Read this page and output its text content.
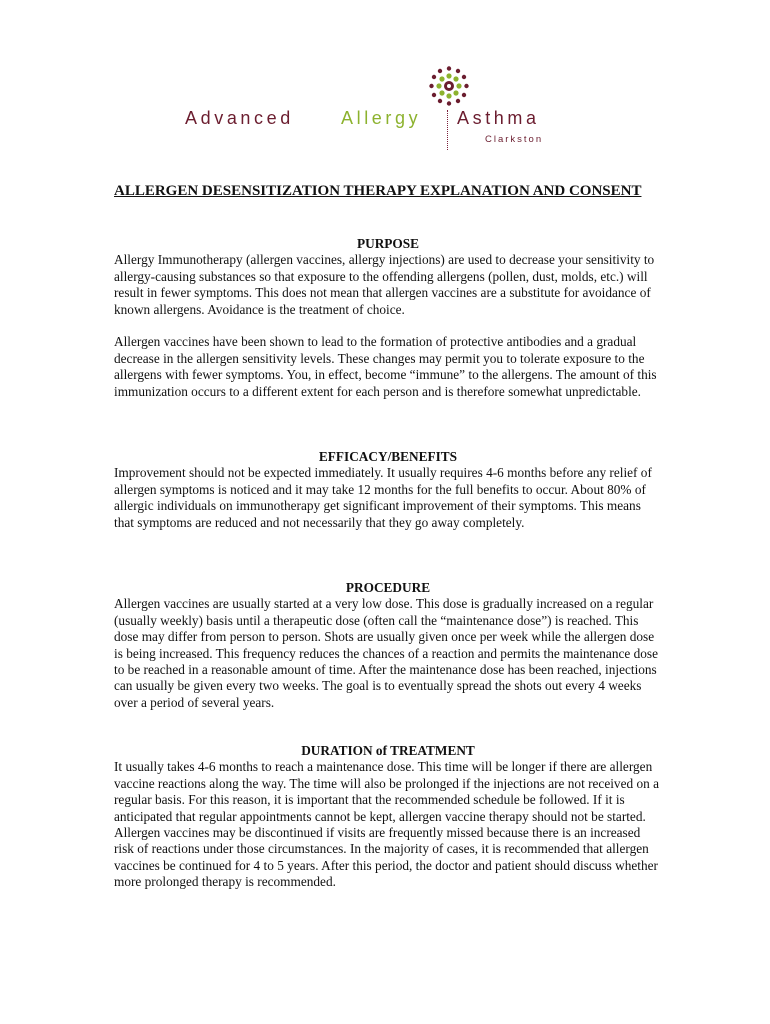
Advanced	Allergy Asthma
Clarkston
ALLERGEN DESENSITIZATION THERAPY EXPLANATION AND CONSENT
PURPOSE

Allergy Immunotherapy (allergen vaccines, allergy injections) are used to decrease your sensitivity to allergy-causing substances so that exposure to the offending allergens (pollen, dust, molds, etc.) will result in fewer symptoms. This does not mean that allergen vaccines are a substitute for avoidance of known allergens. Avoidance is the treatment of choice.

Allergen vaccines have been shown to lead to the formation of protective antibodies and a gradual decrease in the allergen sensitivity levels. These changes may permit you to tolerate exposure to the allergens with fewer symptoms. You, in effect, become “immune” to the allergens. The amount of this immunization occurs to a different extent for each person and is therefore somewhat unpredictable.

EFFICACY/BENEFITS

Improvement should not be expected immediately. It usually requires 4-6 months before any relief of allergen symptoms is noticed and it may take 12 months for the full benefits to occur. About 80% of allergic individuals on immunotherapy get significant improvement of their symptoms. This means that symptoms are reduced and not necessarily that they go away completely.

PROCEDURE

Allergen vaccines are usually started at a very low dose. This dose is gradually increased on a regular (usually weekly) basis until a therapeutic dose (often call the “maintenance dose”) is reached. This dose may differ from person to person. Shots are usually given once per week while the allergen dose is being increased. This frequency reduces the chances of a reaction and permits the maintenance dose to be reached in a reasonable amount of time. After the maintenance dose has been reached, injections can usually be given every two weeks. The goal is to eventually spread the shots out every 4 weeks over a period of several years.

DURATION of TREATMENT

It usually takes 4-6 months to reach a maintenance dose. This time will be longer if there are allergen vaccine reactions along the way. The time will also be prolonged if the injections are not received on a regular basis. For this reason, it is important that the recommended schedule be followed. If it is anticipated that regular appointments cannot be kept, allergen vaccine therapy should not be started. Allergen vaccines may be discontinued if visits are frequently missed because there is an increased risk of reactions under those circumstances. In the majority of cases, it is recommended that allergen vaccines be continued for 4 to 5 years. After this period, the doctor and patient should discuss whether more prolonged therapy is recommended.
